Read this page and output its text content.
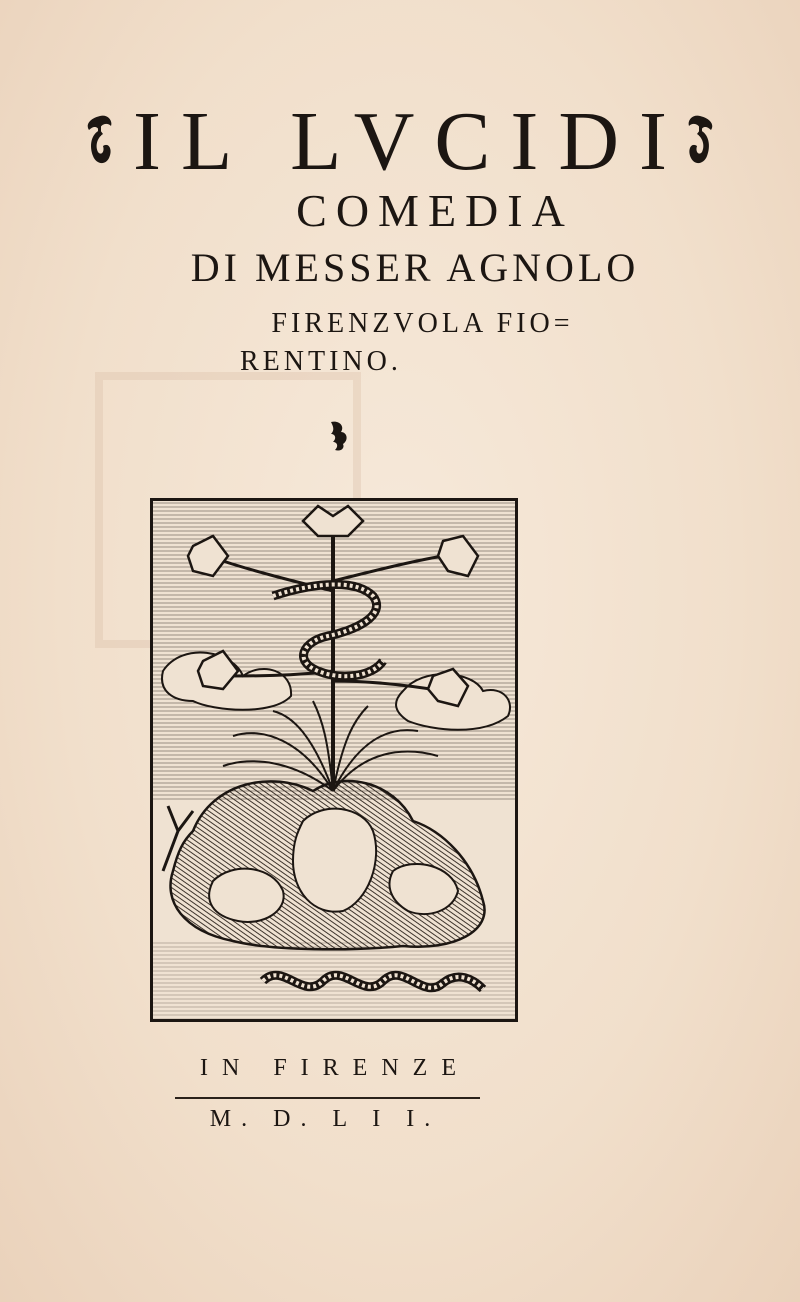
IL LVCIDI
COMEDIA
DI MESSER AGNOLO
FIRENZVOLA FIO=
RENTINO.
IN FIRENZE
M. D. L I I.
